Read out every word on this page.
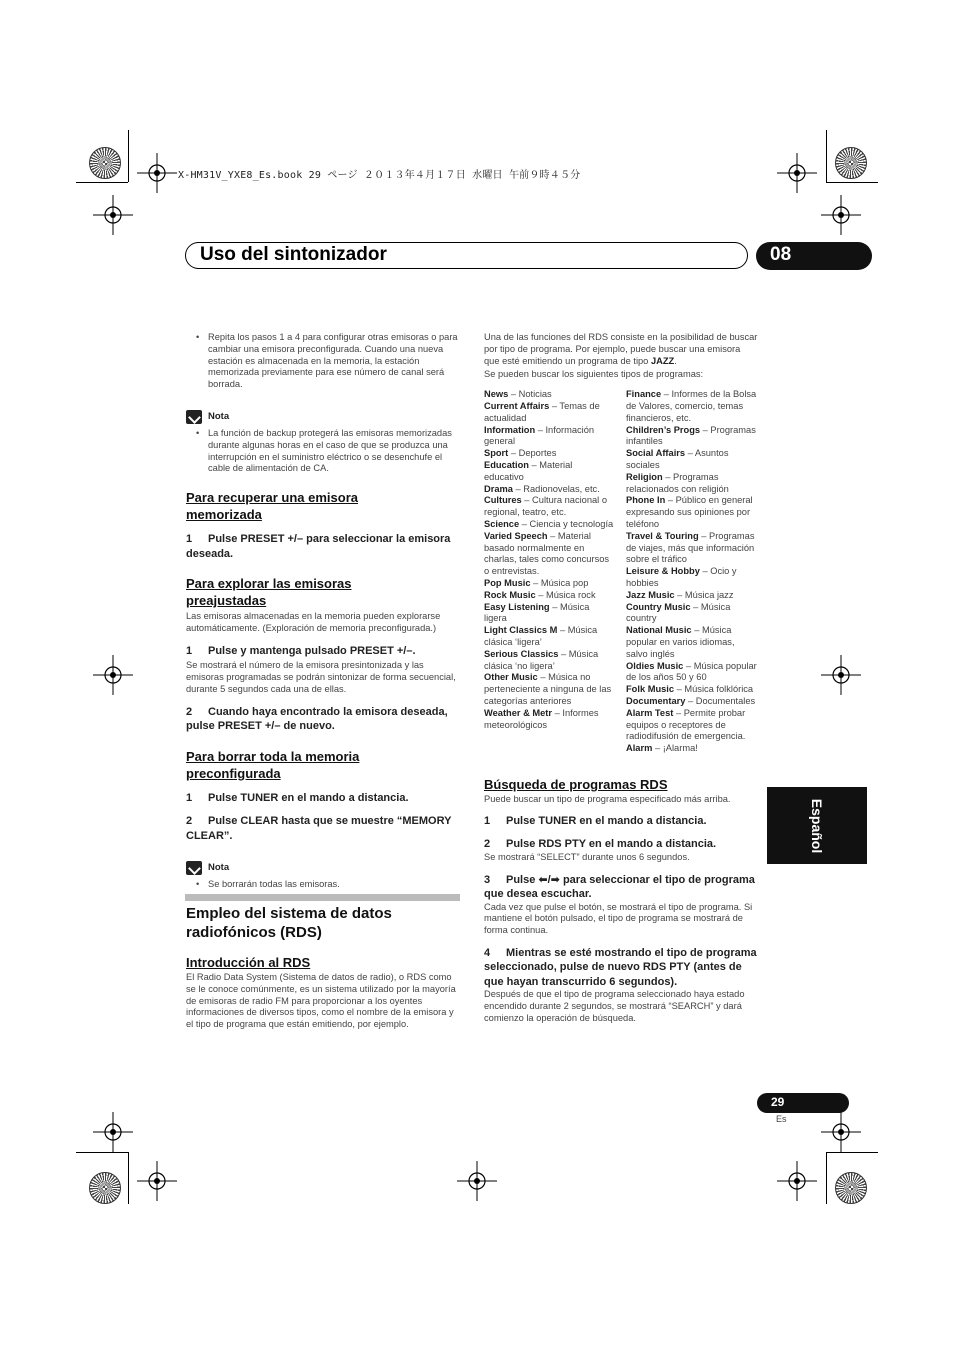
X-HM31V_YXE8_Es.book 29 ページ ２０１３年４月１７日 水曜日 午前９時４５分
Uso del sintonizador	08

• Repita los pasos 1 a 4 para configurar otras emisoras o para cambiar una emisora preconfigurada. Cuando una nueva estación es almacenada en la memoria, la estación memorizada previamente para ese número de canal será borrada.

Nota

• La función de backup protegerá las emisoras memorizadas durante algunas horas en el caso de que se produzca una interrupción en el suministro eléctrico o se desenchufe el cable de alimentación de CA.

Para recuperar una emisora memorizada
1 Pulse PRESET +/– para seleccionar la emisora deseada.
Para explorar las emisoras preajustadas

Las emisoras almacenadas en la memoria pueden explorarse automáticamente. (Exploración de memoria preconfigurada.)

1 Pulse y mantenga pulsado PRESET +/–.

Se mostrará el número de la emisora presintonizada y las emisoras programadas se podrán sintonizar de forma secuencial, durante 5 segundos cada una de ellas.

2 Cuando haya encontrado la emisora deseada, pulse PRESET +/– de nuevo.
Para borrar toda la memoria preconfigurada
1 Pulse TUNER en el mando a distancia.
2 Pulse CLEAR hasta que se muestre “MEMORY CLEAR”.
Nota

• Se borrarán todas las emisoras.

Empleo del sistema de datos radiofónicos (RDS)
Introducción al RDS

El Radio Data System (Sistema de datos de radio), o RDS como se le conoce comúnmente, es un sistema utilizado por la mayoría de emisoras de radio FM para proporcionar a los oyentes informaciones de diversos tipos, como el nombre de la emisora y el tipo de programa que están emitiendo, por ejemplo.

Una de las funciones del RDS consiste en la posibilidad de buscar por tipo de programa. Por ejemplo, puede buscar una emisora que esté emitiendo un programa de tipo JAZZ.

Se pueden buscar los siguientes tipos de programas:

News – Noticias

Current Affairs – Temas de actualidad

Information – Información general

Sport – Deportes

Education – Material educativo

Drama – Radionovelas, etc.

Cultures – Cultura nacional o regional, teatro, etc.

Science – Ciencia y tecnología

Varied Speech – Material basado normalmente en charlas, tales como concursos o entrevistas.

Pop Music – Música pop

Rock Music – Música rock

Easy Listening – Música ligera

Light Classics M – Música clásica ‘ligera’

Serious Classics – Música clásica ‘no ligera’

Other Music – Música no perteneciente a ninguna de las categorías anteriores

Weather & Metr – Informes meteorológicos

Finance – Informes de la Bolsa de Valores, comercio, temas financieros, etc.

Children’s Progs – Programas infantiles

Social Affairs – Asuntos sociales

Religion – Programas relacionados con religión

Phone In – Público en general expresando sus opiniones por teléfono

Travel & Touring – Programas de viajes, más que información sobre el tráfico

Leisure & Hobby – Ocio y hobbies

Jazz Music – Música jazz

Country Music – Música country

National Music – Música popular en varios idiomas, salvo inglés

Oldies Music – Música popular de los años 50 y 60

Folk Music – Música folklórica

Documentary – Documentales

Alarm Test – Permite probar equipos o receptores de radiodifusión de emergencia.

Alarm – ¡Alarma!

Búsqueda de programas RDS

Puede buscar un tipo de programa especificado más arriba.

1 Pulse TUNER en el mando a distancia.
2 Pulse RDS PTY en el mando a distancia.

Se mostrará “SELECT” durante unos 6 segundos.

3 Pulse ⬅/➡ para seleccionar el tipo de programa que desea escuchar.

Cada vez que pulse el botón, se mostrará el tipo de programa. Si mantiene el botón pulsado, el tipo de programa se mostrará de forma continua.

4 Mientras se esté mostrando el tipo de programa seleccionado, pulse de nuevo RDS PTY (antes de que hayan transcurrido 6 segundos).

Después de que el tipo de programa seleccionado haya estado encendido durante 2 segundos, se mostrará “SEARCH” y dará comienzo la operación de búsqueda.

Español
29
Es
